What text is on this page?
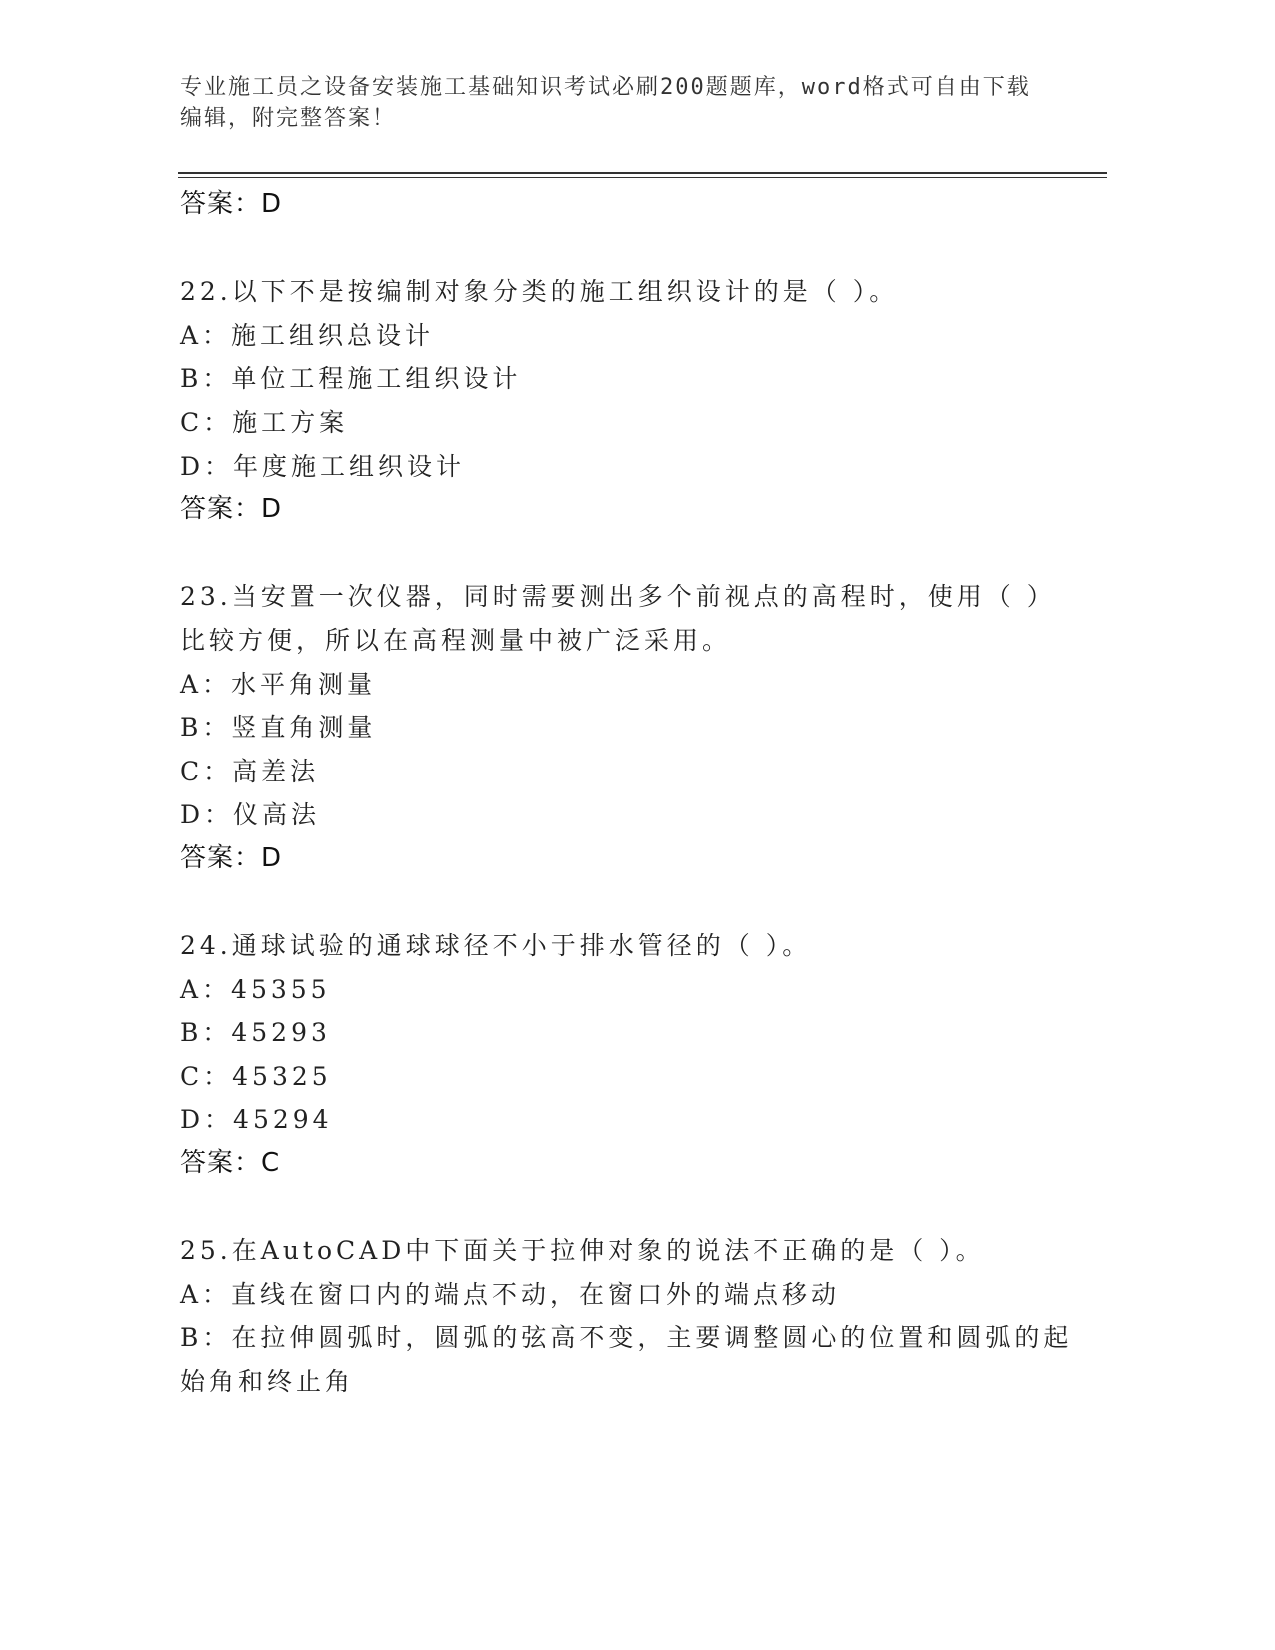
专业施工员之设备安装施工基础知识考试必刷200题题库，word格式可自由下载
编辑，附完整答案！
答案：D
22.以下不是按编制对象分类的施工组织设计的是（ ）。
A：施工组织总设计
B：单位工程施工组织设计
C：施工方案
D：年度施工组织设计
答案：D
23.当安置一次仪器，同时需要测出多个前视点的高程时，使用（ ）
比较方便，所以在高程测量中被广泛采用。
A：水平角测量
B：竖直角测量
C：高差法
D：仪高法
答案：D
24.通球试验的通球球径不小于排水管径的（ ）。
A：45355
B：45293
C：45325
D：45294
答案：C
25.在AutoCAD中下面关于拉伸对象的说法不正确的是（ ）。
A：直线在窗口内的端点不动，在窗口外的端点移动
B：在拉伸圆弧时，圆弧的弦高不变，主要调整圆心的位置和圆弧的起
始角和终止角
